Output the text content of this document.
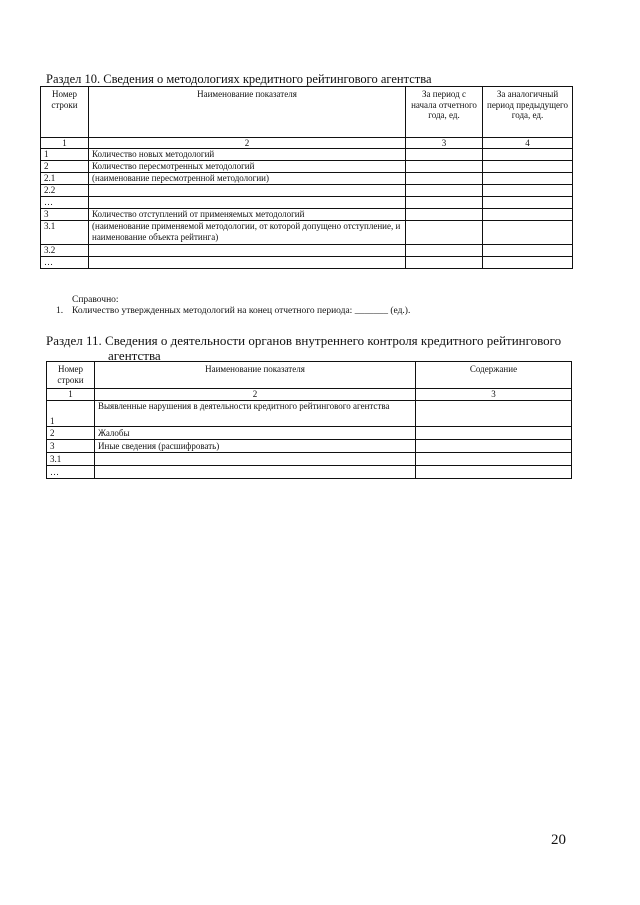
Раздел 10. Сведения о методологиях кредитного рейтингового агентства
Номер строки	Наименование показателя	За период с начала отчетного года, ед.	За аналогичный период предыдущего года, ед.
1	2	3	4
1	Количество новых методологий		
2	Количество пересмотренных методологий		
2.1	(наименование пересмотренной методологии)		
2.2			
…			
3	Количество отступлений от применяемых методологий		
3.1	(наименование применяемой методологии, от которой допущено отступление, и наименование объекта рейтинга)		
3.2			
…			
Справочно:
1. Количество утвержденных методологий на конец отчетного периода: _______ (ед.).
Раздел 11. Сведения о деятельности органов внутреннего контроля кредитного рейтингового
агентства
Номер строки	Наименование показателя	Содержание
1	2	3
1	Выявленные нарушения в деятельности кредитного рейтингового агентства	
2	Жалобы	
3	Иные сведения (расшифровать)	
3.1		
…		
20
